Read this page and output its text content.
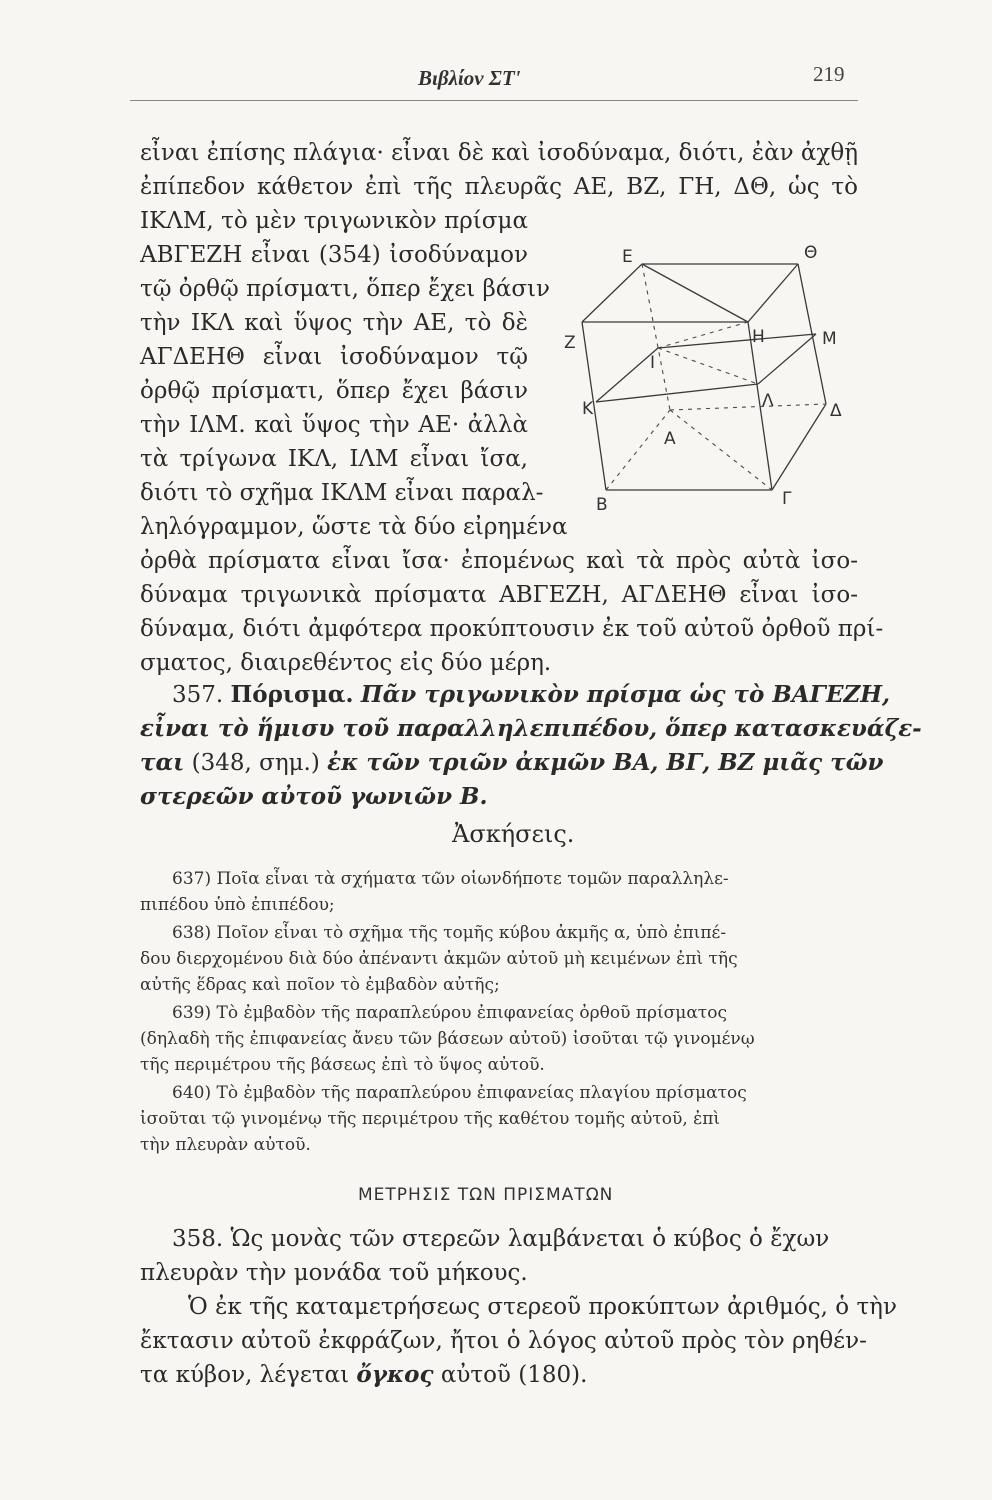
Βιβλίον ΣΤ'	219
εἶναι ἐπίσης πλάγια· εἶναι δὲ καὶ ἰσοδύναμα, διότι, ἐὰν ἀχθῇ
ἐπίπεδον κάθετον ἐπὶ τῆς πλευρᾶς ΑΕ, ΒΖ, ΓΗ, ΔΘ, ὡς τὸ
ΙΚΛΜ, τὸ μὲν τριγωνικὸν πρίσμα
ΑΒΓΕΖΗ εἶναι (354) ἰσοδύναμον
τῷ ὀρθῷ πρίσματι, ὅπερ ἔχει βάσιν
τὴν ΙΚΛ καὶ ὕψος τὴν ΑΕ, τὸ δὲ
ΑΓΔΕΗΘ εἶναι ἰσοδύναμον τῷ
ὀρθῷ πρίσματι, ὅπερ ἔχει βάσιν
τὴν ΙΛΜ. καὶ ὕψος τὴν ΑΕ· ἀλλὰ
τὰ τρίγωνα ΙΚΛ, ΙΛΜ εἶναι ἴσα,
διότι τὸ σχῆμα ΙΚΛΜ εἶναι παραλ-
ληλόγραμμον, ὥστε τὰ δύο εἰρημένα
ὀρθὰ πρίσματα εἶναι ἴσα· ἐπομένως καὶ τὰ πρὸς αὐτὰ ἰσο-
δύναμα τριγωνικὰ πρίσματα ΑΒΓΕΖΗ, ΑΓΔΕΗΘ εἶναι ἰσο-
δύναμα, διότι ἀμφότερα προκύπτουσιν ἐκ τοῦ αὐτοῦ ὀρθοῦ πρί-
σματος, διαιρεθέντος εἰς δύο μέρη.
357. Πόρισμα. Πᾶν τριγωνικὸν πρίσμα ὡς τὸ ΒΑΓΕΖΗ,
εἶναι τὸ ἥμισυ τοῦ παραλληλεπιπέδου, ὅπερ κατασκευάζε-
ται (348, σημ.) ἐκ τῶν τριῶν ἀκμῶν ΒΑ, ΒΓ, ΒΖ μιᾶς τῶν
στερεῶν αὐτοῦ γωνιῶν Β.
Ἀσκήσεις.
637) Ποῖα εἶναι τὰ σχήματα τῶν οἱωνδήποτε τομῶν παραλληλε-
πιπέδου ὑπὸ ἐπιπέδου;
638) Ποῖον εἶναι τὸ σχῆμα τῆς τομῆς κύβου ἀκμῆς α, ὑπὸ ἐπιπέ-
δου διερχομένου διὰ δύο ἀπέναντι ἀκμῶν αὐτοῦ μὴ κειμένων ἐπὶ τῆς
αὐτῆς ἕδρας καὶ ποῖον τὸ ἐμβαδὸν αὐτῆς;
639) Τὸ ἐμβαδὸν τῆς παραπλεύρου ἐπιφανείας ὀρθοῦ πρίσματος
(δηλαδὴ τῆς ἐπιφανείας ἄνευ τῶν βάσεων αὐτοῦ) ἰσοῦται τῷ γινομένῳ
τῆς περιμέτρου τῆς βάσεως ἐπὶ τὸ ὕψος αὐτοῦ.
640) Τὸ ἐμβαδὸν τῆς παραπλεύρου ἐπιφανείας πλαγίου πρίσματος
ἰσοῦται τῷ γινομένῳ τῆς περιμέτρου τῆς καθέτου τομῆς αὐτοῦ, ἐπὶ
τὴν πλευρὰν αὐτοῦ.
ΜΕΤΡΗΣΙΣ ΤΩΝ ΠΡΙΣΜΑΤΩΝ
358. Ὡς μονὰς τῶν στερεῶν λαμβάνεται ὁ κύβος ὁ ἔχων
πλευρὰν τὴν μονάδα τοῦ μήκους.
Ὁ ἐκ τῆς καταμετρήσεως στερεοῦ προκύπτων ἀριθμός, ὁ τὴν
ἔκτασιν αὐτοῦ ἐκφράζων, ἤτοι ὁ λόγος αὐτοῦ πρὸς τὸν ρηθέν-
τα κύβον, λέγεται ὄγκος αὐτοῦ (180).
Ε	Θ
Ζ	Η	Μ
Ι
Κ	Λ	Δ
Α
Β	Γ
